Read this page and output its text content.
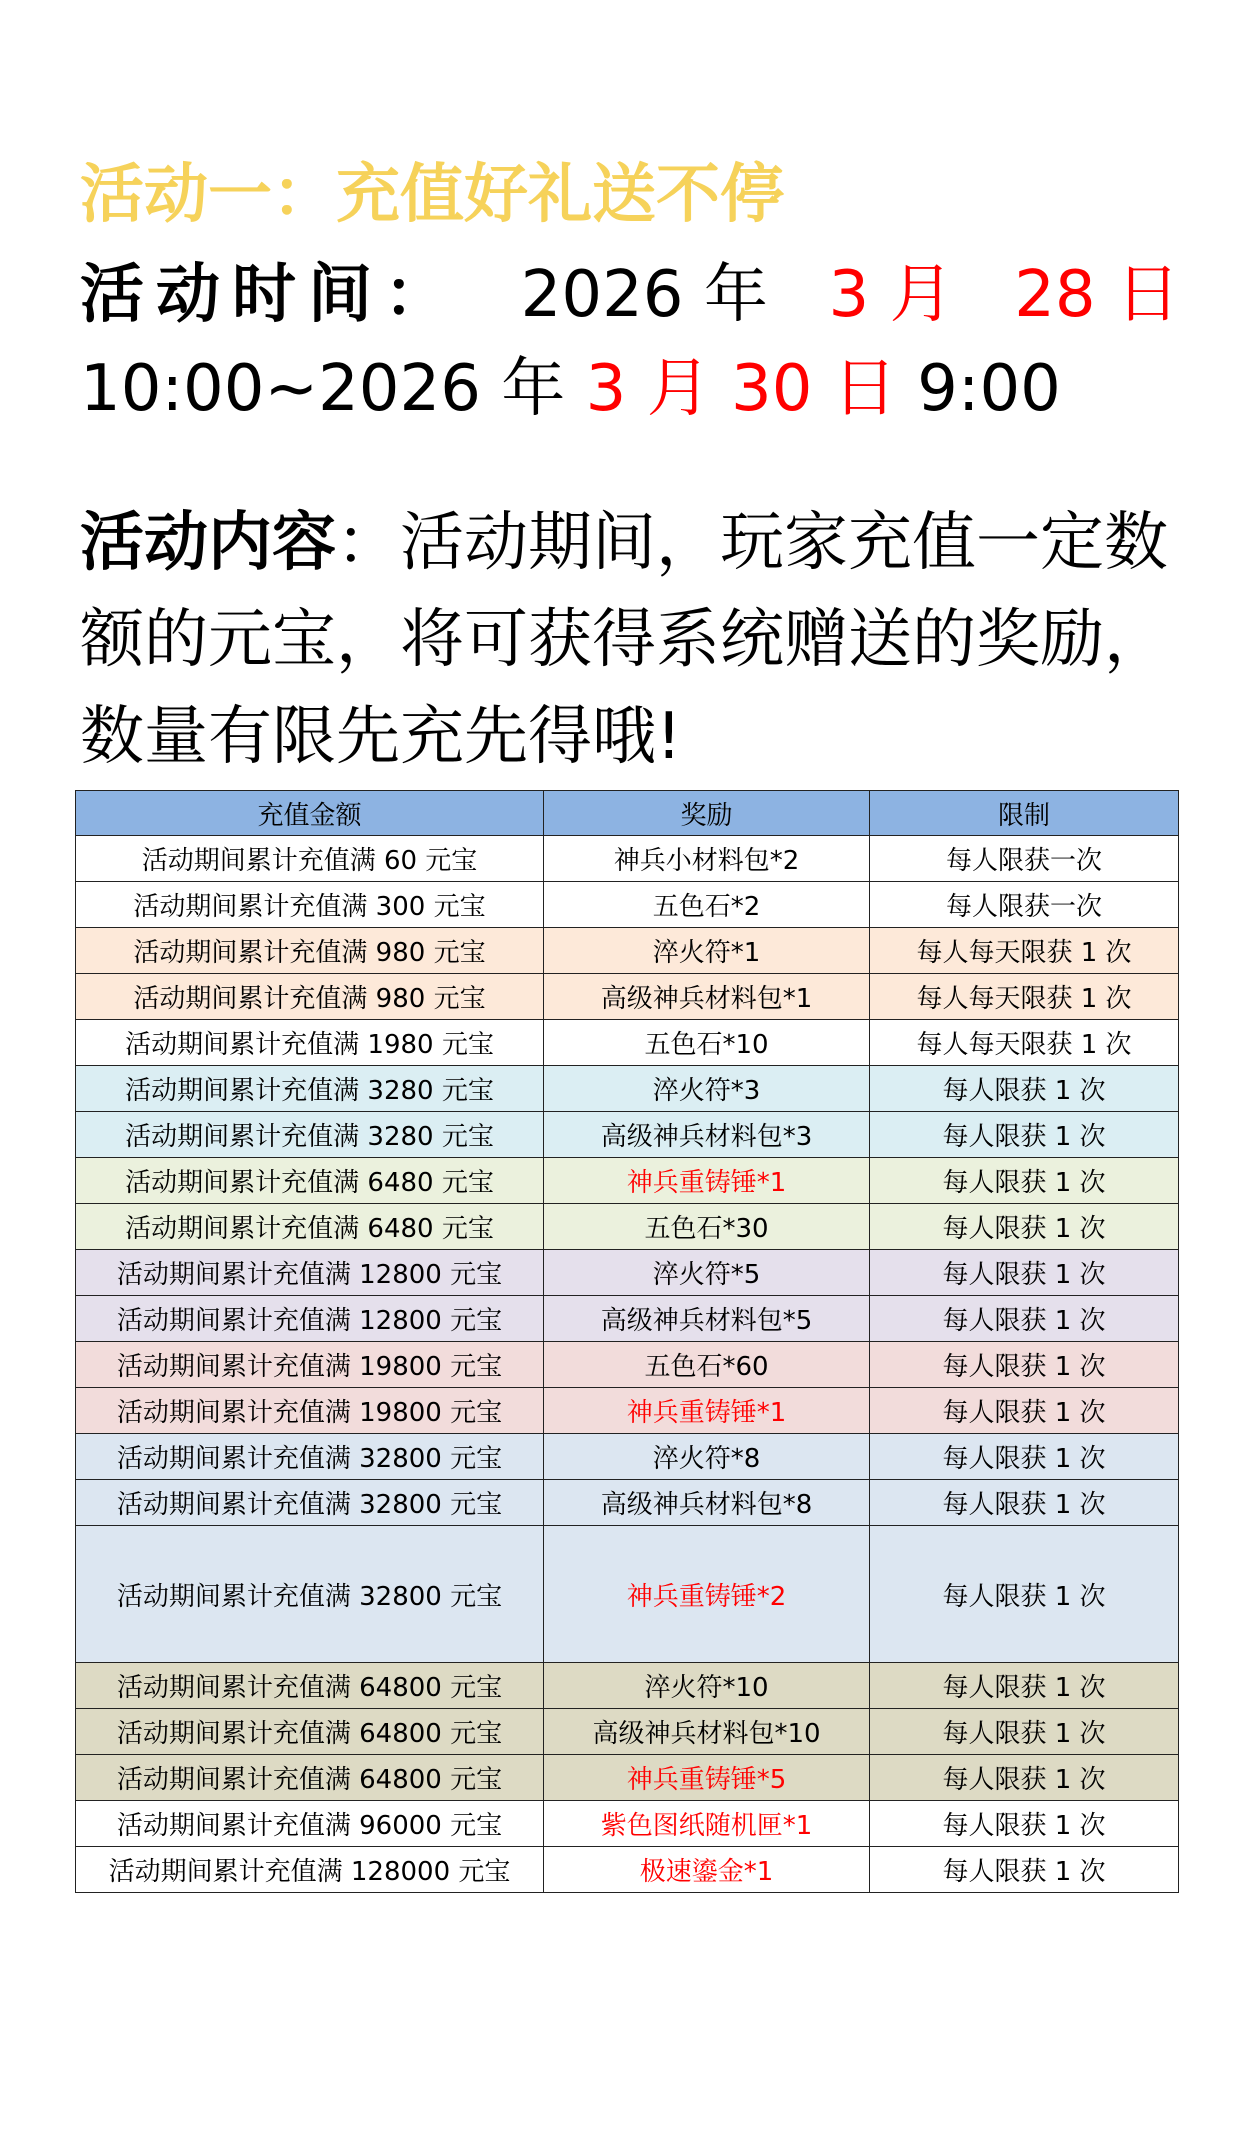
活动一：充值好礼送不停
活动时间： 2026 年 3 月 28 日
10:00~2026 年 3 月 30 日 9:00
活动内容：活动期间，玩家充值一定数额的元宝，将可获得系统赠送的奖励，数量有限先充先得哦!
充值金额	奖励	限制
活动期间累计充值满 60 元宝	神兵小材料包*2	每人限获一次
活动期间累计充值满 300 元宝	五色石*2	每人限获一次
活动期间累计充值满 980 元宝	淬火符*1	每人每天限获 1 次
活动期间累计充值满 980 元宝	高级神兵材料包*1	每人每天限获 1 次
活动期间累计充值满 1980 元宝	五色石*10	每人每天限获 1 次
活动期间累计充值满 3280 元宝	淬火符*3	每人限获 1 次
活动期间累计充值满 3280 元宝	高级神兵材料包*3	每人限获 1 次
活动期间累计充值满 6480 元宝	神兵重铸锤*1	每人限获 1 次
活动期间累计充值满 6480 元宝	五色石*30	每人限获 1 次
活动期间累计充值满 12800 元宝	淬火符*5	每人限获 1 次
活动期间累计充值满 12800 元宝	高级神兵材料包*5	每人限获 1 次
活动期间累计充值满 19800 元宝	五色石*60	每人限获 1 次
活动期间累计充值满 19800 元宝	神兵重铸锤*1	每人限获 1 次
活动期间累计充值满 32800 元宝	淬火符*8	每人限获 1 次
活动期间累计充值满 32800 元宝	高级神兵材料包*8	每人限获 1 次
活动期间累计充值满 32800 元宝	神兵重铸锤*2	每人限获 1 次
活动期间累计充值满 64800 元宝	淬火符*10	每人限获 1 次
活动期间累计充值满 64800 元宝	高级神兵材料包*10	每人限获 1 次
活动期间累计充值满 64800 元宝	神兵重铸锤*5	每人限获 1 次
活动期间累计充值满 96000 元宝	紫色图纸随机匣*1	每人限获 1 次
活动期间累计充值满 128000 元宝	极速鎏金*1	每人限获 1 次
